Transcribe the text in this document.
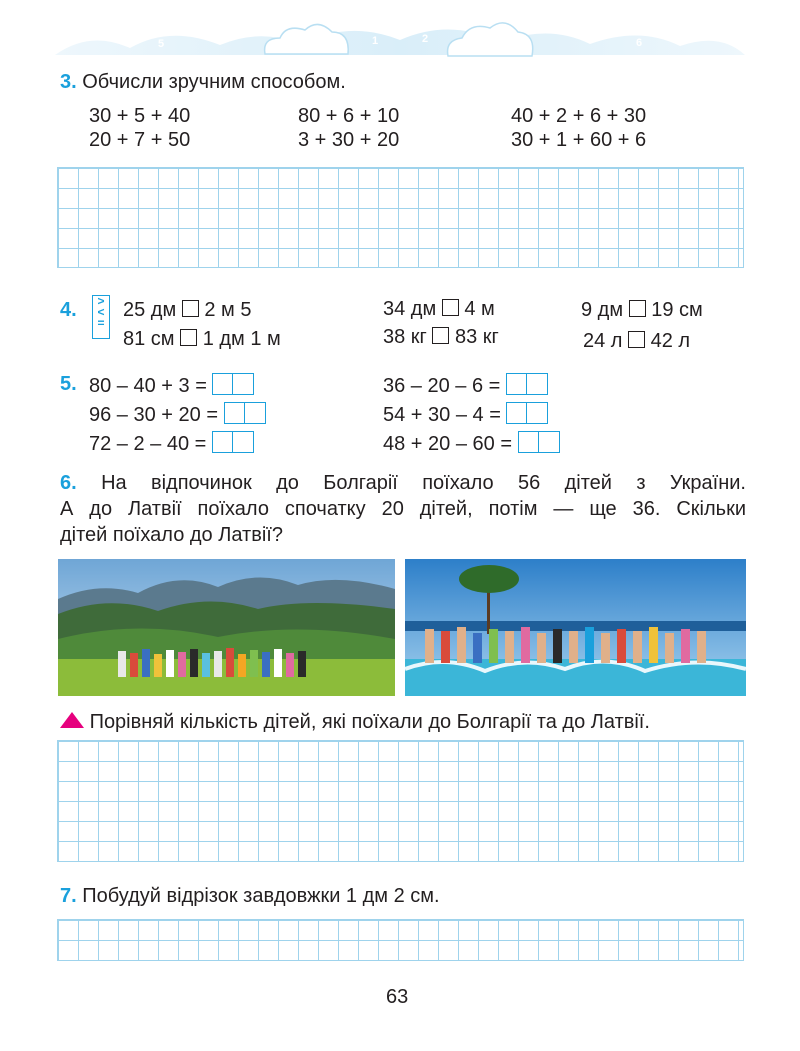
7
5
3
1
0
2	4
6
8
3. Обчисли зручним способом.
30 + 5 + 40
20 + 7 + 50
80 + 6 + 10
3 + 30 + 20
40 + 2 + 6 + 30
30 + 1 + 60 + 6
4.	>
<
=
25 дм 2 м 5
81 см 1 дм 1 м
34 дм 4 м
38 кг 83 кг
9 дм 19 см
24 л 42 л
5. 80 – 40 + 3 =
96 – 30 + 20 =
72 – 2 – 40 =
36 – 20 – 6 =
54 + 30 – 4 =
48 + 20 – 60 =
6. На відпочинок до Болгарії поїхало 56 дітей з України.
А до Латвії поїхало спочатку 20 дітей, потім — ще 36. Скільки
дітей поїхало до Латвії?
Порівняй кількість дітей, які поїхали до Болгарії та до Латвії.
7. Побудуй відрізок завдовжки 1 дм 2 см.
63
